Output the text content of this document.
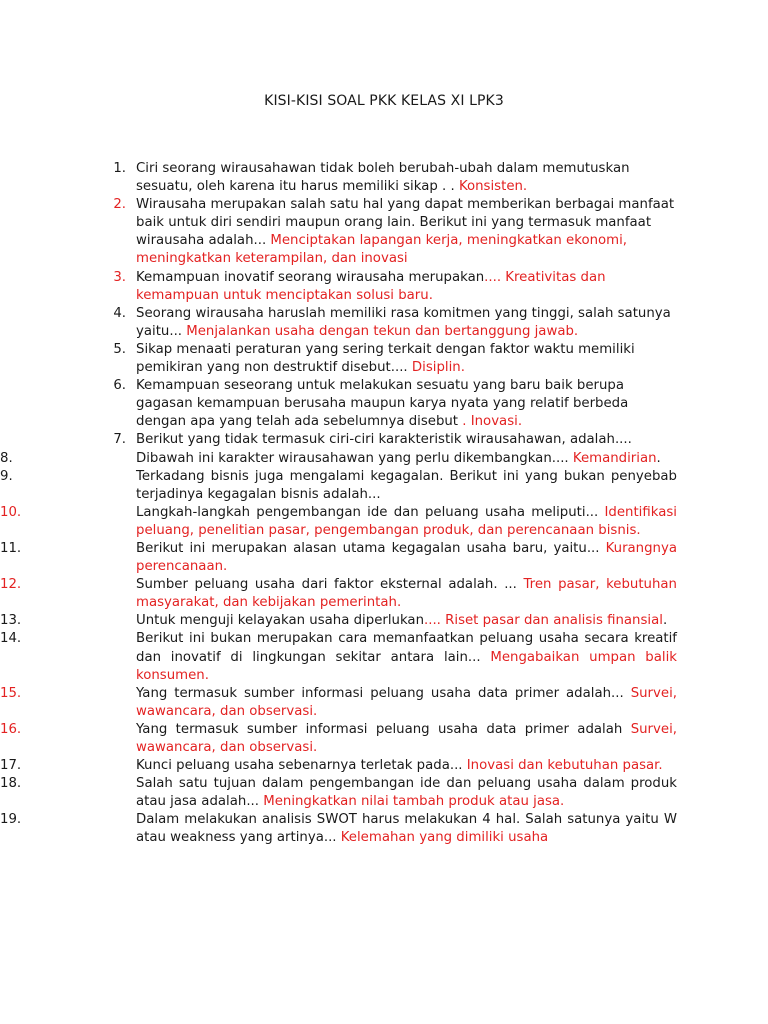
KISI-KISI SOAL PKK KELAS XI LPK3
1. Ciri seorang wirausahawan tidak boleh berubah-ubah dalam memutuskan sesuatu, oleh karena itu harus memiliki sikap . . Konsisten.
2. Wirausaha merupakan salah satu hal yang dapat memberikan berbagai manfaat baik untuk diri sendiri maupun orang lain. Berikut ini yang termasuk manfaat wirausaha adalah... Menciptakan lapangan kerja, meningkatkan ekonomi, meningkatkan keterampilan, dan inovasi
3. Kemampuan inovatif seorang wirausaha merupakan.... Kreativitas dan kemampuan untuk menciptakan solusi baru.
4. Seorang wirausaha haruslah memiliki rasa komitmen yang tinggi, salah satunya yaitu... Menjalankan usaha dengan tekun dan bertanggung jawab.
5. Sikap menaati peraturan yang sering terkait dengan faktor waktu memiliki pemikiran yang non destruktif disebut.... Disiplin.
6. Kemampuan seseorang untuk melakukan sesuatu yang baru baik berupa gagasan kemampuan berusaha maupun karya nyata yang relatif berbeda dengan apa yang telah ada sebelumnya disebut . Inovasi.
7. Berikut yang tidak termasuk ciri-ciri karakteristik wirausahawan, adalah....
8.	Dibawah ini karakter wirausahawan yang perlu dikembangkan.... Kemandirian.
9.	Terkadang bisnis juga mengalami kegagalan. Berikut ini yang bukan penyebab terjadinya kegagalan bisnis adalah...
10.	Langkah-langkah pengembangan ide dan peluang usaha meliputi... Identifikasi peluang, penelitian pasar, pengembangan produk, dan perencanaan bisnis.
11.	Berikut ini merupakan alasan utama kegagalan usaha baru, yaitu... Kurangnya perencanaan.
12.	Sumber peluang usaha dari faktor eksternal adalah. ... Tren pasar, kebutuhan masyarakat, dan kebijakan pemerintah.
13.	Untuk menguji kelayakan usaha diperlukan.... Riset pasar dan analisis finansial.
14.	Berikut ini bukan merupakan cara memanfaatkan peluang usaha secara kreatif dan inovatif di lingkungan sekitar antara lain... Mengabaikan umpan balik konsumen.
15.	Yang termasuk sumber informasi peluang usaha data primer adalah... Survei, wawancara, dan observasi.
16.	Yang termasuk sumber informasi peluang usaha data primer adalah Survei, wawancara, dan observasi.
17.	Kunci peluang usaha sebenarnya terletak pada... Inovasi dan kebutuhan pasar.
18.	Salah satu tujuan dalam pengembangan ide dan peluang usaha dalam produk atau jasa adalah... Meningkatkan nilai tambah produk atau jasa.
19.	Dalam melakukan analisis SWOT harus melakukan 4 hal. Salah satunya yaitu W atau weakness yang artinya... Kelemahan yang dimiliki usaha
